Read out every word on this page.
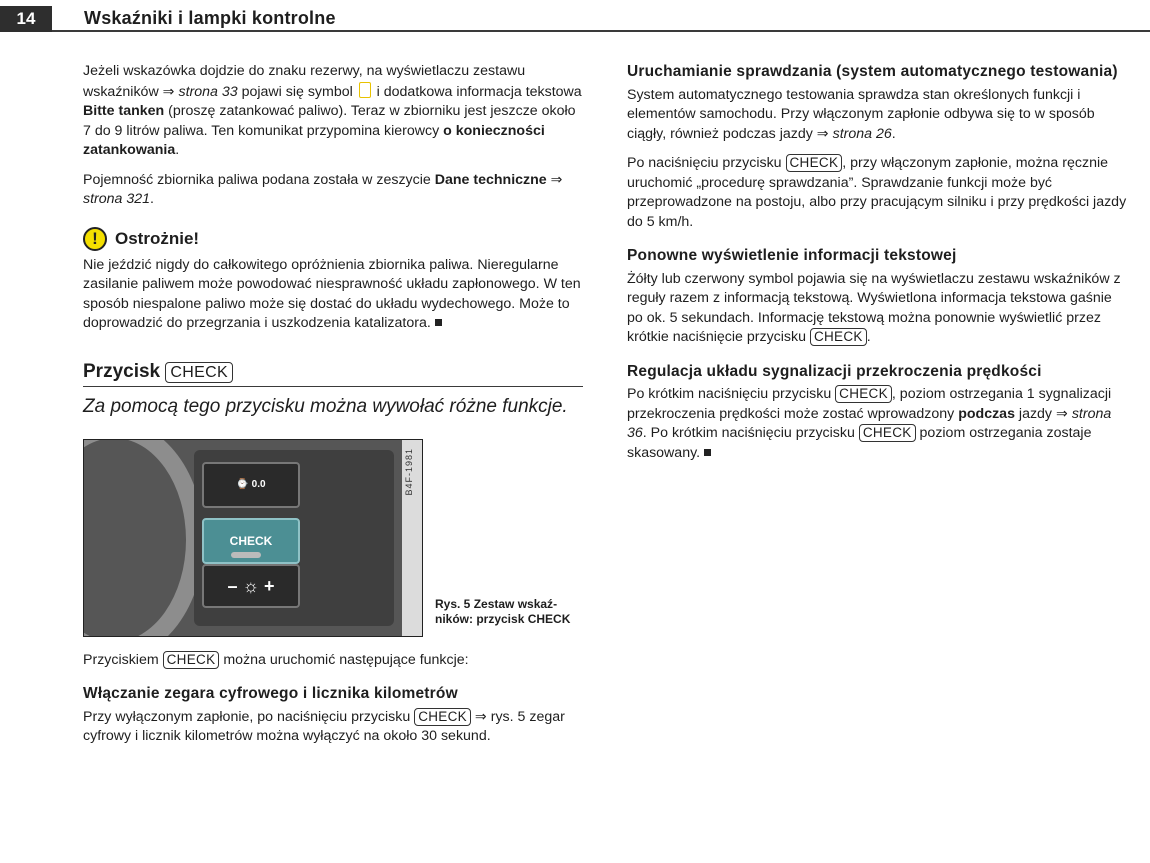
14	Wskaźniki i lampki kontrolne

Jeżeli wskazówka dojdzie do znaku rezerwy, na wyświetlaczu zestawu wskaźników ⇒ strona 33 pojawi się symbol  i dodatkowa informacja tekstowa Bitte tanken (proszę zatankować paliwo). Teraz w zbiorniku jest jeszcze około 7 do 9 litrów paliwa. Ten komunikat przypomina kierowcy o konieczności zatankowania.

Pojemność zbiornika paliwa podana została w zeszycie Dane techniczne ⇒ strona 321.

!	Ostrożnie!
Nie jeździć nigdy do całkowitego opróżnienia zbiornika paliwa. Nieregularne zasilanie paliwem może powodować niesprawność układu zapłonowego. W ten sposób niespalone paliwo może się dostać do układu wydechowego. Może to doprowadzić do przegrzania i uszkodzenia katalizatora.
Przycisk CHECK
Za pomocą tego przycisku można wywołać różne funkcje.
⌚ 0.0
CHECK
– ☼ +
B4F-1981
Rys. 5 Zestaw wskaźników: przycisk CHECK

Przyciskiem CHECK można uruchomić następujące funkcje:

Włączanie zegara cyfrowego i licznika kilometrów

Przy wyłączonym zapłonie, po naciśnięciu przycisku CHECK ⇒ rys. 5 zegar cyfrowy i licznik kilometrów można wyłączyć na około 30 sekund.

Uruchamianie sprawdzania (system automatycznego testowania)

System automatycznego testowania sprawdza stan określonych funkcji i elementów samochodu. Przy włączonym zapłonie odbywa się to w sposób ciągły, również podczas jazdy ⇒ strona 26.

Po naciśnięciu przycisku CHECK , przy włączonym zapłonie, można ręcznie uruchomić „procedurę sprawdzania”. Sprawdzanie funkcji może być przeprowadzone na postoju, albo przy pracującym silniku i przy prędkości jazdy do 5 km/h.

Ponowne wyświetlenie informacji tekstowej

Żółty lub czerwony symbol pojawia się na wyświetlaczu zestawu wskaźników z reguły razem z informacją tekstową. Wyświetlona informacja tekstowa gaśnie po ok. 5 sekundach. Informację tekstową można ponownie wyświetlić przez krótkie naciśnięcie przycisku CHECK .

Regulacja układu sygnalizacji przekroczenia prędkości

Po krótkim naciśnięciu przycisku CHECK , poziom ostrzegania 1 sygnalizacji przekroczenia prędkości może zostać wprowadzony podczas jazdy ⇒ strona 36. Po krótkim naciśnięciu przycisku CHECK poziom ostrzegania zostaje skasowany.
